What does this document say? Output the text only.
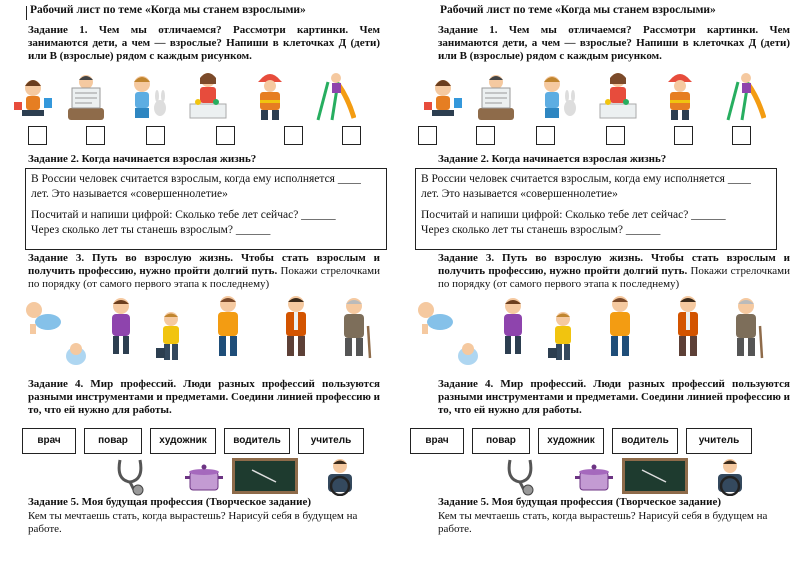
Рабочий лист по теме «Когда мы станем взрослыми»
Задание 1. Чем мы отличаемся? Рассмотри картинки. Чем занимаются дети, а чем — взрослые? Напиши в клеточках Д (дети) или В (взрослые) рядом с каждым рисунком.
Задание 2. Когда начинается взрослая жизнь?

В России человек считается взрослым, когда ему исполняется ____ лет. Это называется «совершеннолетие»

Посчитай и напиши цифрой: Сколько тебе лет сейчас? ______

Через сколько лет ты станешь взрослым? ______

Задание 3. Путь во взрослую жизнь. Чтобы стать взрослым и получить профессию, нужно пройти долгий путь. Покажи стрелочками по порядку (от самого первого этапа к последнему)
Задание 4. Мир профессий. Люди разных профессий пользуются разными инструментами и предметами. Соедини линией профессию и то, что ей нужно для работы.
врач	повар	художник	водитель	учитель
Задание 5. Моя будущая профессия (Творческое задание)
Кем ты мечтаешь стать, когда вырастешь? Нарисуй себя в будущем на работе.
Рабочий лист по теме «Когда мы станем взрослыми»
Задание 1. Чем мы отличаемся? Рассмотри картинки. Чем занимаются дети, а чем — взрослые? Напиши в клеточках Д (дети) или В (взрослые) рядом с каждым рисунком.
Задание 2. Когда начинается взрослая жизнь?

В России человек считается взрослым, когда ему исполняется ____ лет. Это называется «совершеннолетие»

Посчитай и напиши цифрой: Сколько тебе лет сейчас? ______

Через сколько лет ты станешь взрослым? ______

Задание 3. Путь во взрослую жизнь. Чтобы стать взрослым и получить профессию, нужно пройти долгий путь. Покажи стрелочками по порядку (от самого первого этапа к последнему)
Задание 4. Мир профессий. Люди разных профессий пользуются разными инструментами и предметами. Соедини линией профессию и то, что ей нужно для работы.
врач	повар	художник	водитель	учитель
Задание 5. Моя будущая профессия (Творческое задание)
Кем ты мечтаешь стать, когда вырастешь? Нарисуй себя в будущем на работе.
